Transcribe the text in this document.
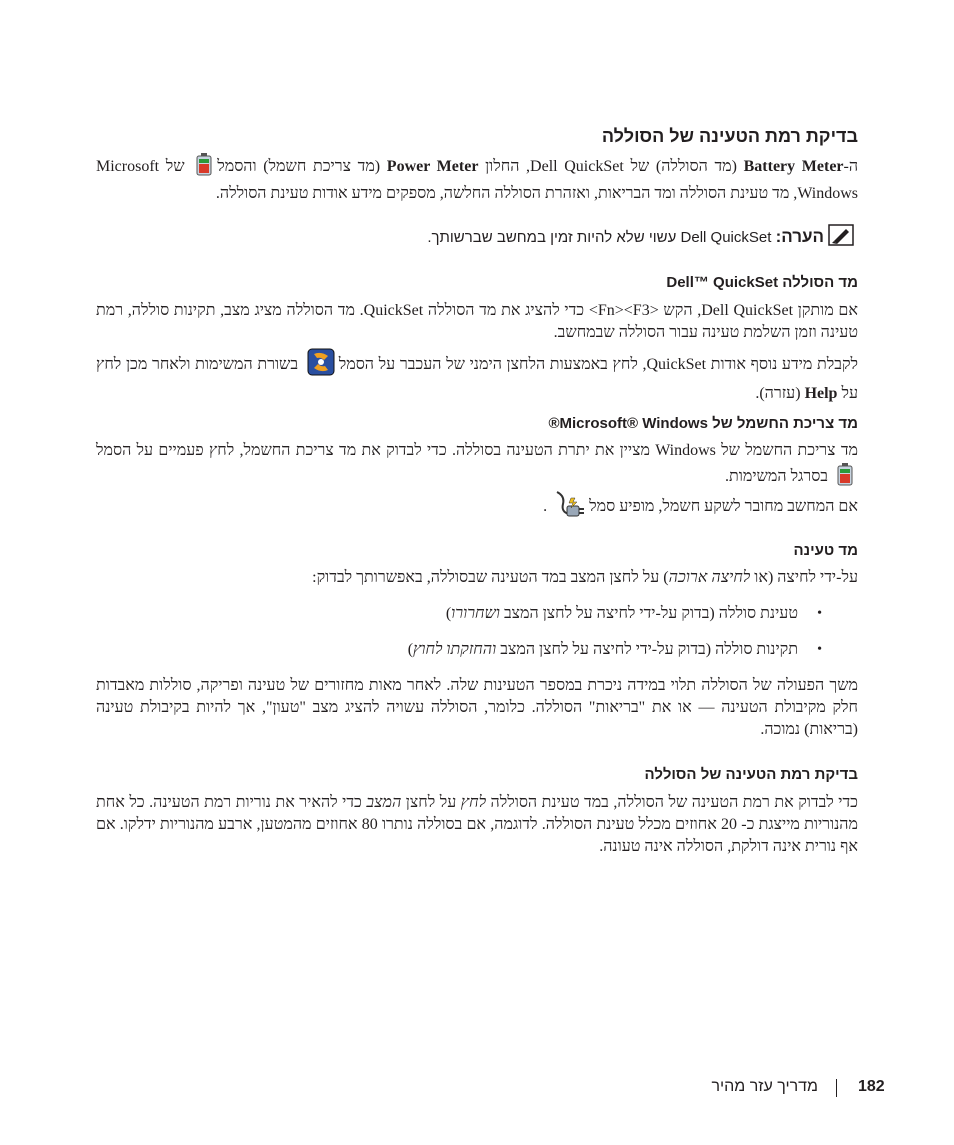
בדיקת רמת הטעינה של הסוללה
ה-Battery Meter (מד הסוללה) של Dell QuickSet, החלון Power Meter (מד צריכת חשמל) והסמל של Microsoft Windows, מד טעינת הסוללה ומד הבריאות, ואזהרת הסוללה החלשה, מספקים מידע אודות טעינת הסוללה.
הערה: Dell QuickSet עשוי שלא להיות זמין במחשב שברשותך.
מד הסוללה Dell™ QuickSet
אם מותקן Dell QuickSet, הקש <Fn><F3> כדי להציג את מד הסוללה QuickSet. מד הסוללה מציג מצב, תקינות סוללה, רמת טעינה וזמן השלמת טעינה עבור הסוללה שבמחשב.
לקבלת מידע נוסף אודות QuickSet, לחץ באמצעות הלחצן הימני של העכבר על הסמל בשורת המשימות ולאחר מכן לחץ על Help (עזרה).
מד צריכת החשמל של Microsoft® Windows®
מד צריכת החשמל של Windows מציין את יתרת הטעינה בסוללה. כדי לבדוק את מד צריכת החשמל, לחץ פעמיים על הסמל בסרגל המשימות.
אם המחשב מחובר לשקע חשמל, מופיע סמל .
מד טעינה
על-ידי לחיצה (או לחיצה ארוכה) על לחצן המצב במד הטעינה שבסוללה, באפשרותך לבדוק:
•
טעינת סוללה (בדוק על-ידי לחיצה על לחצן המצב ושחרורו)
•
תקינות סוללה (בדוק על-ידי לחיצה על לחצן המצב והחזקתו לחוץ)
משך הפעולה של הסוללה תלוי במידה ניכרת במספר הטעינות שלה. לאחר מאות מחזורים של טעינה ופריקה, סוללות מאבדות חלק מקיבולת הטעינה — או את "בריאות" הסוללה. כלומר, הסוללה עשויה להציג מצב "טעון", אך להיות בקיבולת טעינה (בריאות) נמוכה.
בדיקת רמת הטעינה של הסוללה
כדי לבדוק את רמת הטעינה של הסוללה, במד טעינת הסוללה לחץ על לחצן המצב כדי להאיר את נוריות רמת הטעינה. כל אחת מהנוריות מייצגת כ- 20 אחוזים מכלל טעינת הסוללה. לדוגמה, אם בסוללה נותרו 80 אחוזים מהמטען, ארבע מהנוריות ידלקו. אם אף נורית אינה דולקת, הסוללה אינה טעונה.
182
מדריך עזר מהיר
